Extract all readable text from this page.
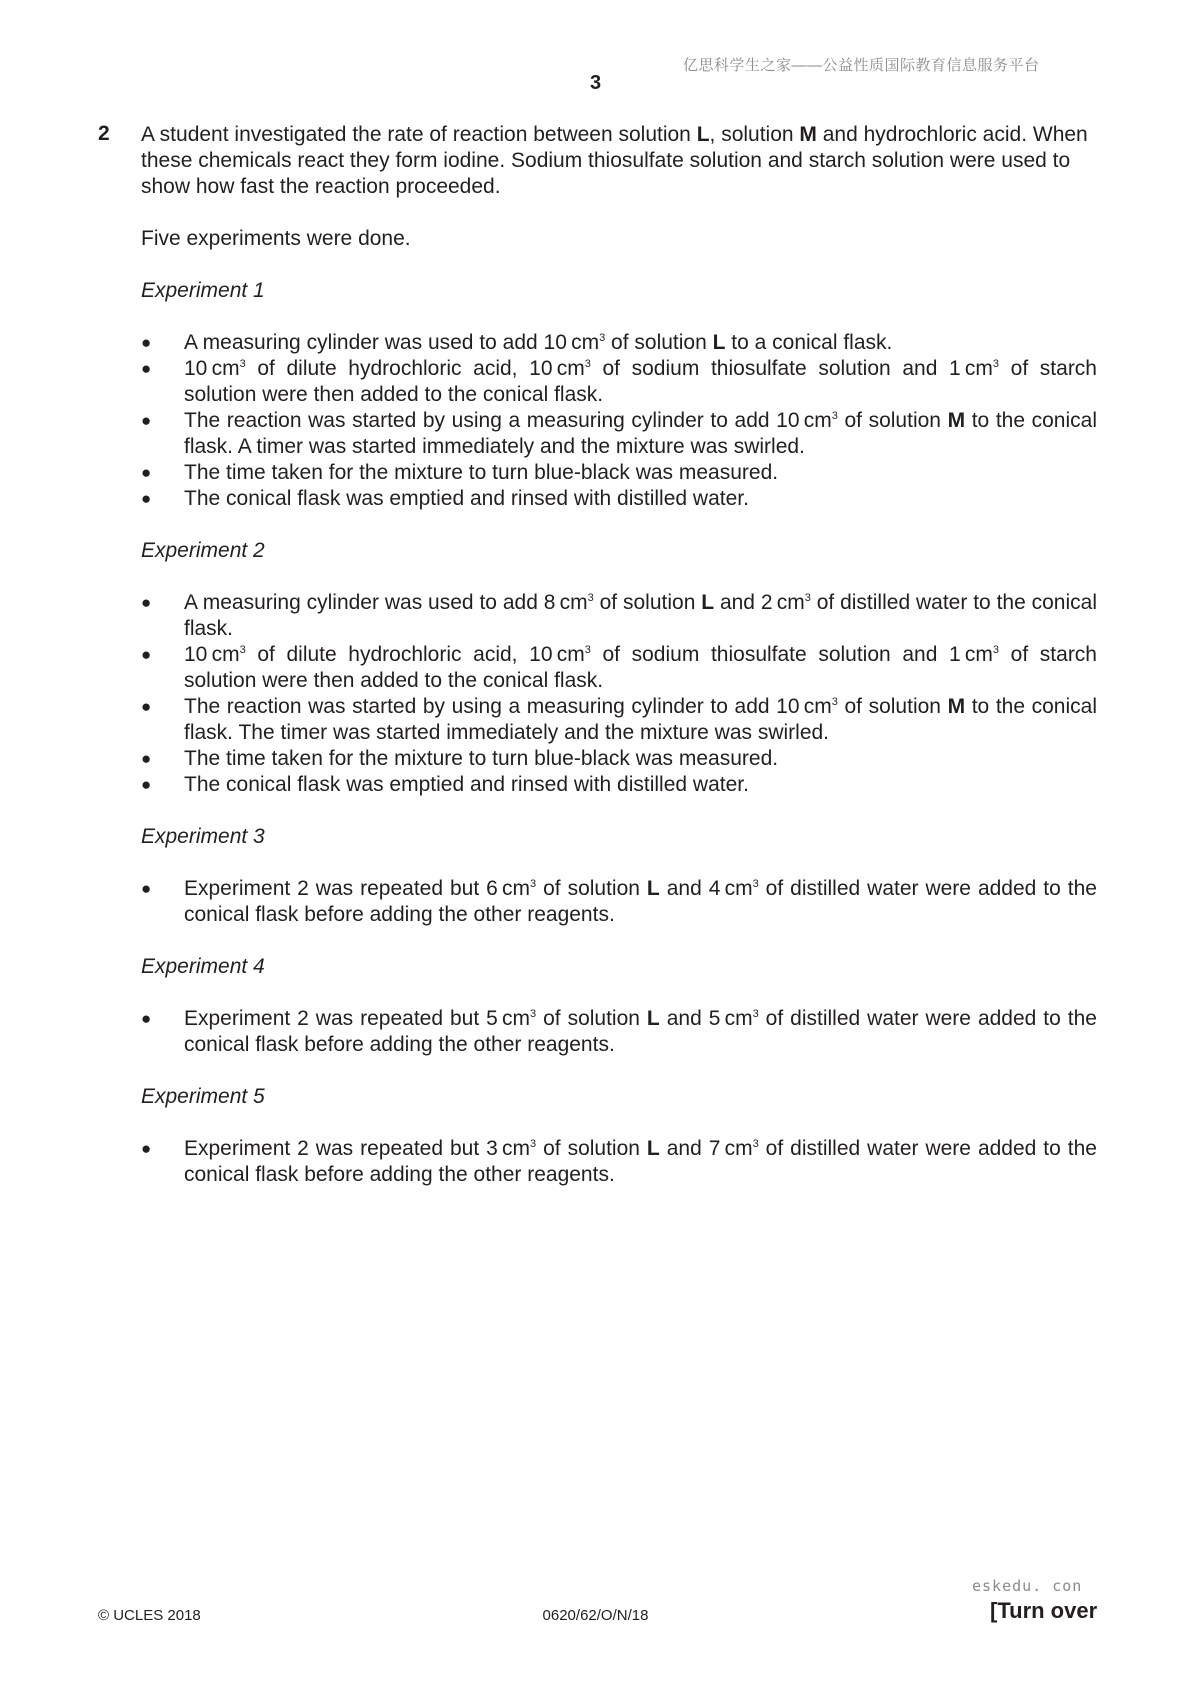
亿思科学生之家——公益性质国际教育信息服务平台
3
2 A student investigated the rate of reaction between solution L, solution M and hydrochloric acid. When these chemicals react they form iodine. Sodium thiosulfate solution and starch solution were used to show how fast the reaction proceeded.

Five experiments were done.

Experiment 1

● A measuring cylinder was used to add 10 $cm^3$ of solution L to a conical flask.
● 10 $cm^3$ of dilute hydrochloric acid, 10 $cm^3$ of sodium thiosulfate solution and 1 $cm^3$ of starch solution were then added to the conical flask.
● The reaction was started by using a measuring cylinder to add 10 $cm^3$ of solution M to the conical flask. A timer was started immediately and the mixture was swirled.
● The time taken for the mixture to turn blue-black was measured.
● The conical flask was emptied and rinsed with distilled water.

Experiment 2

● A measuring cylinder was used to add 8 $cm^3$ of solution L and 2 $cm^3$ of distilled water to the conical flask.
● 10 $cm^3$ of dilute hydrochloric acid, 10 $cm^3$ of sodium thiosulfate solution and 1 $cm^3$ of starch solution were then added to the conical flask.
● The reaction was started by using a measuring cylinder to add 10 $cm^3$ of solution M to the conical flask. The timer was started immediately and the mixture was swirled.
● The time taken for the mixture to turn blue-black was measured.
● The conical flask was emptied and rinsed with distilled water.

Experiment 3

● Experiment 2 was repeated but 6 $cm^3$ of solution L and 4 $cm^3$ of distilled water were added to the conical flask before adding the other reagents.

Experiment 4

● Experiment 2 was repeated but 5 $cm^3$ of solution L and 5 $cm^3$ of distilled water were added to the conical flask before adding the other reagents.

Experiment 5

● Experiment 2 was repeated but 3 $cm^3$ of solution L and 7 $cm^3$ of distilled water were added to the conical flask before adding the other reagents.
© UCLES 2018	0620/62/O/N/18
eskedu. con
[Turn over
